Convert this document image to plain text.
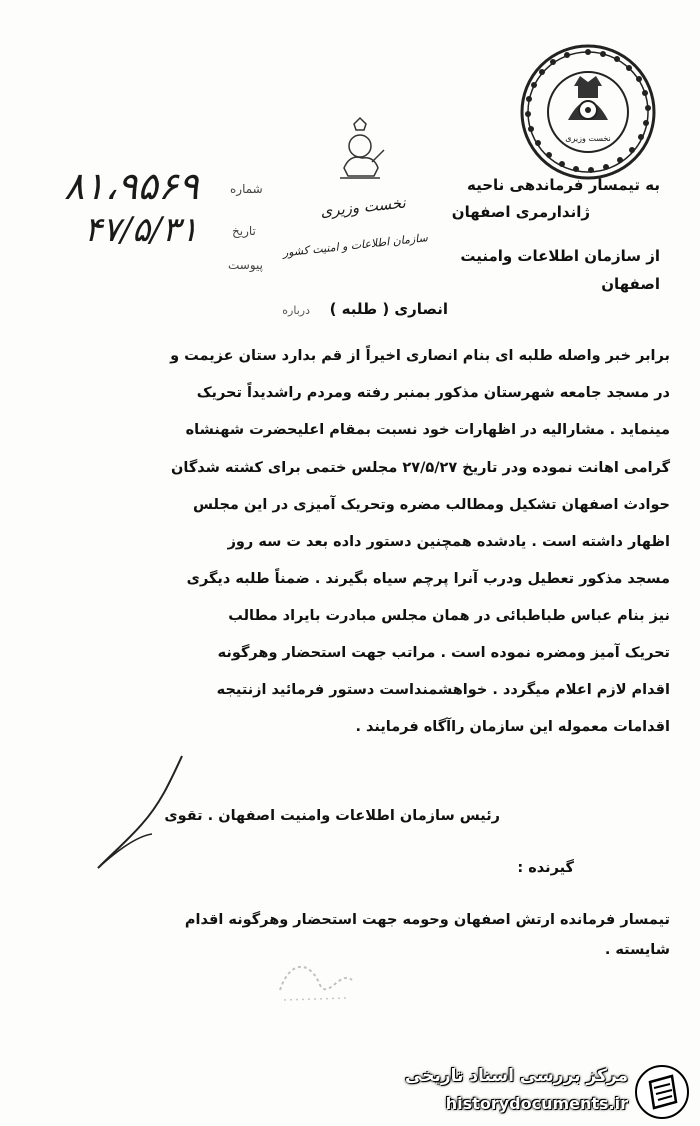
نخست وزیری
نخست وزیری
سازمان اطلاعات و امنیت کشور
شماره
تاریخ
پیوست
۸۱،۹۵۶۹
۴۷/۵/۳۱
به تیمسار فرماندهی ناحیه
ژاندارمری اصفهان
از سازمان اطلاعات وامنیت
اصفهان
درباره انصاری ( طلبه )
برابر خبر واصله طلبه ای بنام انصاری اخیراً از قم بدارد ستان عزیمت و
در مسجد جامعه شهرستان مذکور بمنبر رفته ومردم راشدیداً تحریک
مینماید . مشارالیه در اظهارات خود نسبت بمقام اعلیحضرت شهنشاه
گرامی اهانت نموده ودر تاریخ ۲۷/۵/۲۷ مجلس ختمی برای کشته شدگان
حوادث اصفهان تشکیل ومطالب مضره وتحریک آمیزی در این مجلس
اظهار داشته است . یادشده همچنین دستور داده بعد ت سه روز
مسجد مذکور تعطیل ودرب آنرا پرچم سیاه بگیرند . ضمناً طلبه دیگری
نیز بنام عباس طباطبائی در همان مجلس مبادرت بایراد مطالب
تحریک آمیز ومضره نموده است . مراتب جهت استحضار وهرگونه
اقدام لازم اعلام میگردد . خواهشمنداست دستور فرمائید ازنتیجه
اقدامات معموله این سازمان راآگاه فرمایند .
رئیس سازمان اطلاعات وامنیت اصفهان . تقوی
گیرنده :
تیمسار فرمانده ارتش اصفهان وحومه جهت استحضار وهرگونه اقدام
شایسته .
مرکز بررسی اسناد تاریخی
historydocuments.ir
